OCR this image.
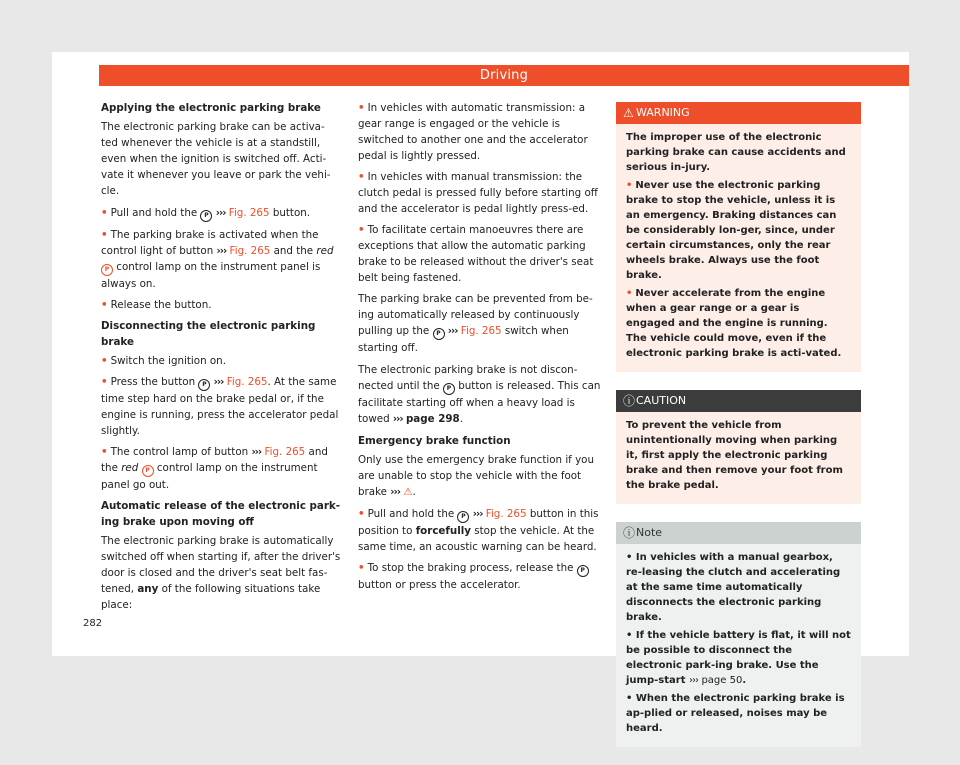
Driving
Applying the electronic parking brake

The electronic parking brake can be activa-ted whenever the vehicle is at a standstill, even when the ignition is switched off. Acti-vate it whenever you leave or park the vehi-cle.

• Pull and hold the P ››› Fig. 265 button.
• The parking brake is activated when the control light of button ››› Fig. 265 and the red P control lamp on the instrument panel is always on.
• Release the button.
Disconnecting the electronic parking brake
• Switch the ignition on.
• Press the button P ››› Fig. 265. At the same time step hard on the brake pedal or, if the engine is running, press the accelerator pedal slightly.
• The control lamp of button ››› Fig. 265 and the red P control lamp on the instrument panel go out.
Automatic release of the electronic park-ing brake upon moving off

The electronic parking brake is automatically switched off when starting if, after the driver's door is closed and the driver's seat belt fas-tened, any of the following situations take place:

• In vehicles with automatic transmission: a gear range is engaged or the vehicle is switched to another one and the accelerator pedal is lightly pressed.
• In vehicles with manual transmission: the clutch pedal is pressed fully before starting off and the accelerator is pedal lightly press-ed.
• To facilitate certain manoeuvres there are exceptions that allow the automatic parking brake to be released without the driver's seat belt being fastened.

The parking brake can be prevented from be-ing automatically released by continuously pulling up the P ››› Fig. 265 switch when starting off.

The electronic parking brake is not discon-nected until the P button is released. This can facilitate starting off when a heavy load is towed ››› page 298.

Emergency brake function

Only use the emergency brake function if you are unable to stop the vehicle with the foot brake ››› ⚠.

• Pull and hold the P ››› Fig. 265 button in this position to forcefully stop the vehicle. At the same time, an acoustic warning can be heard.
• To stop the braking process, release the P button or press the accelerator.
⚠ WARNING

The improper use of the electronic parking brake can cause accidents and serious in-jury.

• Never use the electronic parking brake to stop the vehicle, unless it is an emergency. Braking distances can be considerably lon-ger, since, under certain circumstances, only the rear wheels brake. Always use the foot brake.

• Never accelerate from the engine when a gear range or a gear is engaged and the engine is running. The vehicle could move, even if the electronic parking brake is acti-vated.

ⓘ CAUTION

To prevent the vehicle from unintentionally moving when parking it, first apply the electronic parking brake and then remove your foot from the brake pedal.

ⓘ Note

• In vehicles with a manual gearbox, re-leasing the clutch and accelerating at the same time automatically disconnects the electronic parking brake.

• If the vehicle battery is flat, it will not be possible to disconnect the electronic park-ing brake. Use the jump-start ››› page 50.

• When the electronic parking brake is ap-plied or released, noises may be heard.

282
